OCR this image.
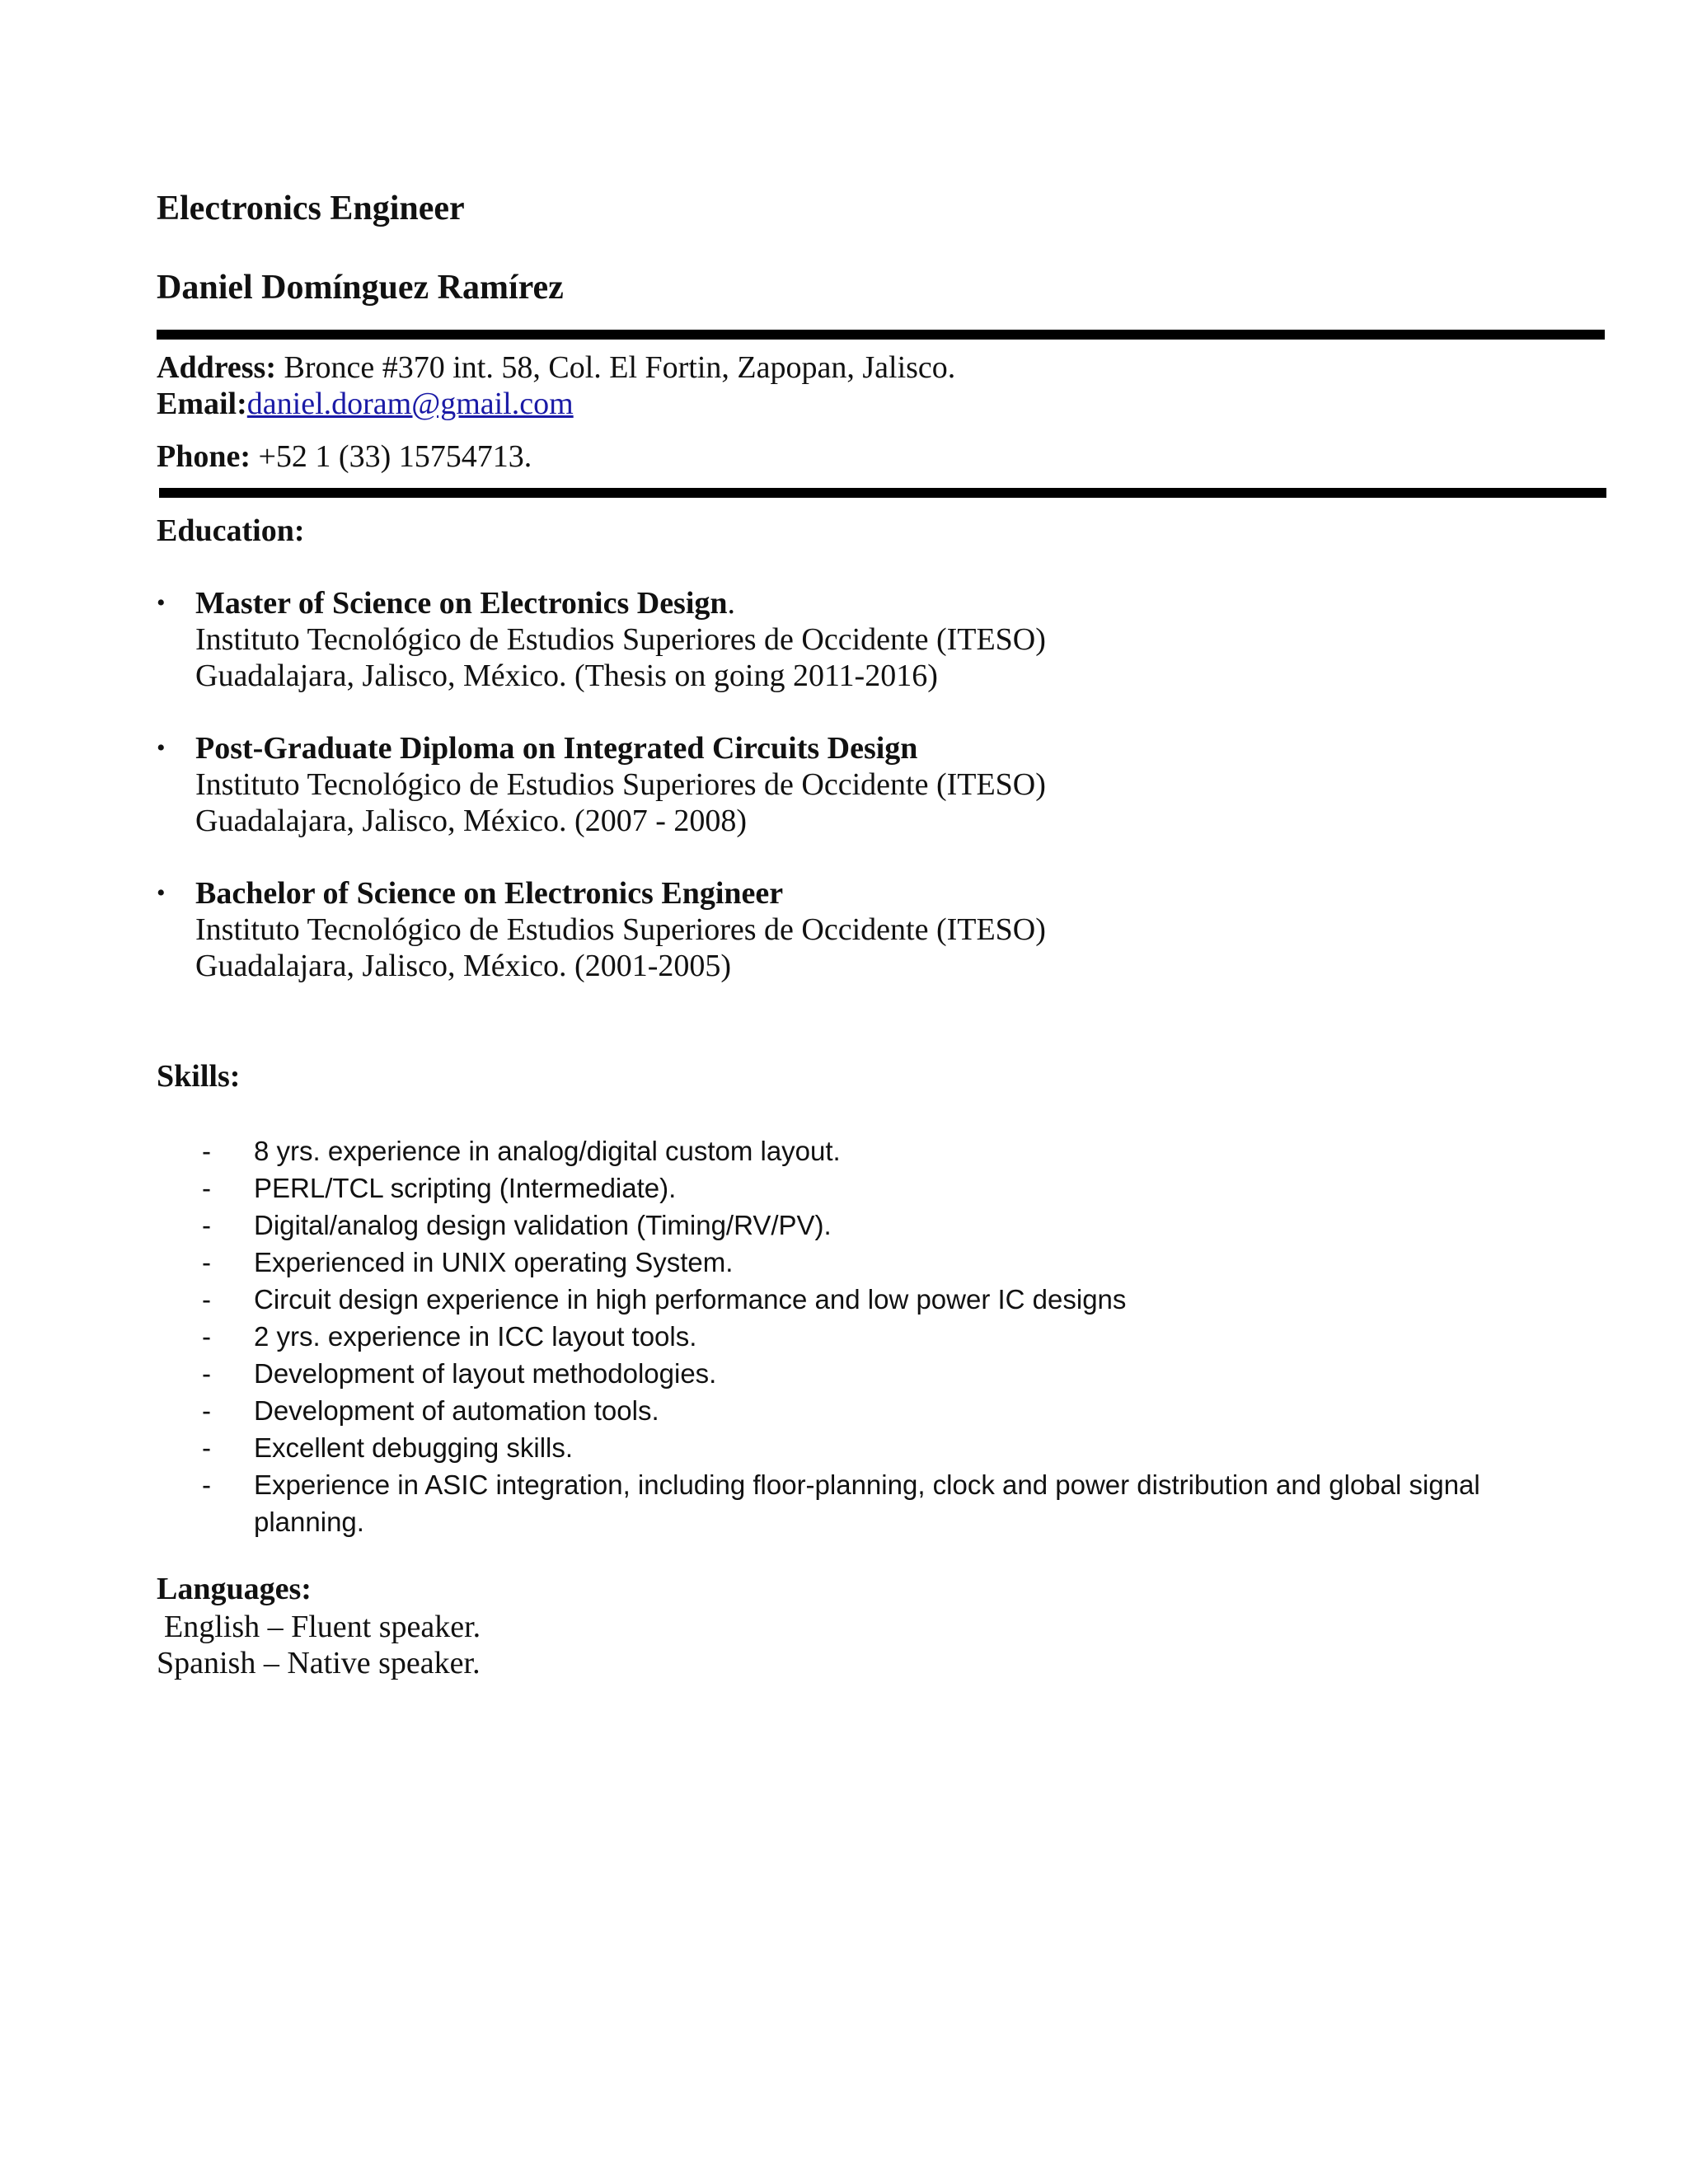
Electronics Engineer
Daniel Domínguez Ramírez
Address: Bronce #370 int. 58, Col. El Fortin, Zapopan, Jalisco.
Email:daniel.doram@gmail.com
Phone: +52 1 (33) 15754713.
Education:
• Master of Science on Electronics Design.
Instituto Tecnológico de Estudios Superiores de Occidente (ITESO)
Guadalajara, Jalisco, México. (Thesis on going 2011-2016)
• Post-Graduate Diploma on Integrated Circuits Design
Instituto Tecnológico de Estudios Superiores de Occidente (ITESO)
Guadalajara, Jalisco, México. (2007 - 2008)
• Bachelor of Science on Electronics Engineer
Instituto Tecnológico de Estudios Superiores de Occidente (ITESO)
Guadalajara, Jalisco, México. (2001-2005)
Skills:
- 8 yrs. experience in analog/digital custom layout.
- PERL/TCL scripting (Intermediate).
- Digital/analog design validation (Timing/RV/PV).
- Experienced in UNIX operating System.
- Circuit design experience in high performance and low power IC designs
- 2 yrs. experience in ICC layout tools.
- Development of layout methodologies.
- Development of automation tools.
- Excellent debugging skills.
- Experience in ASIC integration, including floor-planning, clock and power distribution and global signal planning.
Languages:
English – Fluent speaker.
Spanish – Native speaker.
